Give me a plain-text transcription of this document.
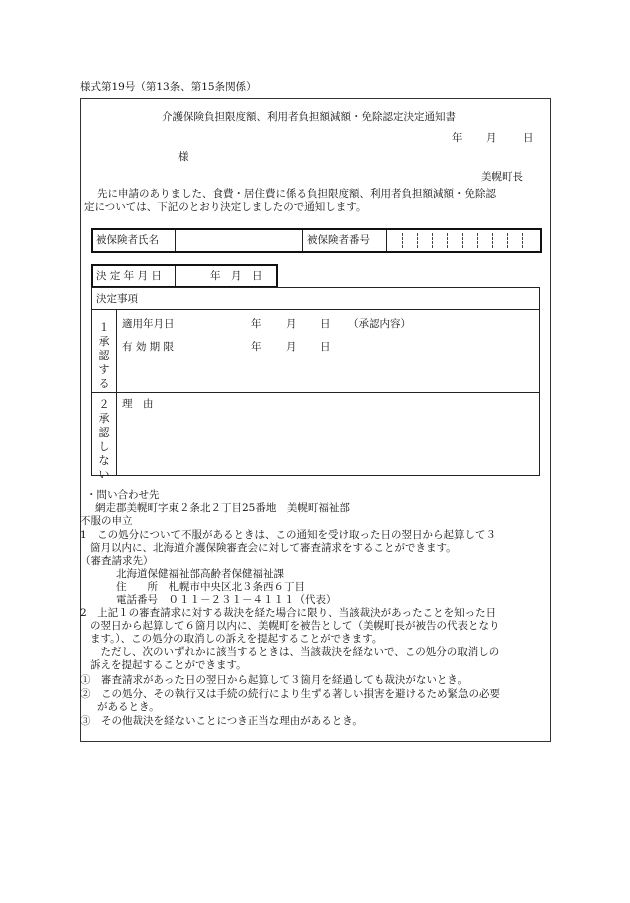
様式第19号（第13条、第15条関係）
介護保険負担限度額、利用者負担額減額・免除認定決定通知書
年 月	日
様
美幌町長
先に申請のありました、食費・居住費に係る負担限度額、利用者負担額減額・免除認
定については、下記のとおり決定しましたので通知します。
被保険者氏名	被保険者番号
決 定 年 月 日	年　月　日
決定事項
１承認する
適用年月日	年 月 日 （承認内容）
有 効 期 限	年 月 日
２承認しない
理　由
・問い合わせ先
網走郡美幌町字東２条北２丁目25番地　美幌町福祉部
不服の申立
1　この処分について不服があるときは、この通知を受け取った日の翌日から起算して３
箇月以内に、北海道介護保険審査会に対して審査請求をすることができます。
（審査請求先）
北海道保健福祉部高齢者保健福祉課
住　　所　札幌市中央区北３条西６丁目
電話番号　０１１－２３１－４１１１（代表）
2　上記１の審査請求に対する裁決を経た場合に限り、当該裁決があったことを知った日
の翌日から起算して６箇月以内に、美幌町を被告として（美幌町長が被告の代表となり
ます。）、この処分の取消しの訴えを提起することができます。
　ただし、次のいずれかに該当するときは、当該裁決を経ないで、この処分の取消しの
訴えを提起することができます。
①　審査請求があった日の翌日から起算して３箇月を経過しても裁決がないとき。
②　この処分、その執行又は手続の続行により生ずる著しい損害を避けるため緊急の必要
があるとき。
③　その他裁決を経ないことにつき正当な理由があるとき。
